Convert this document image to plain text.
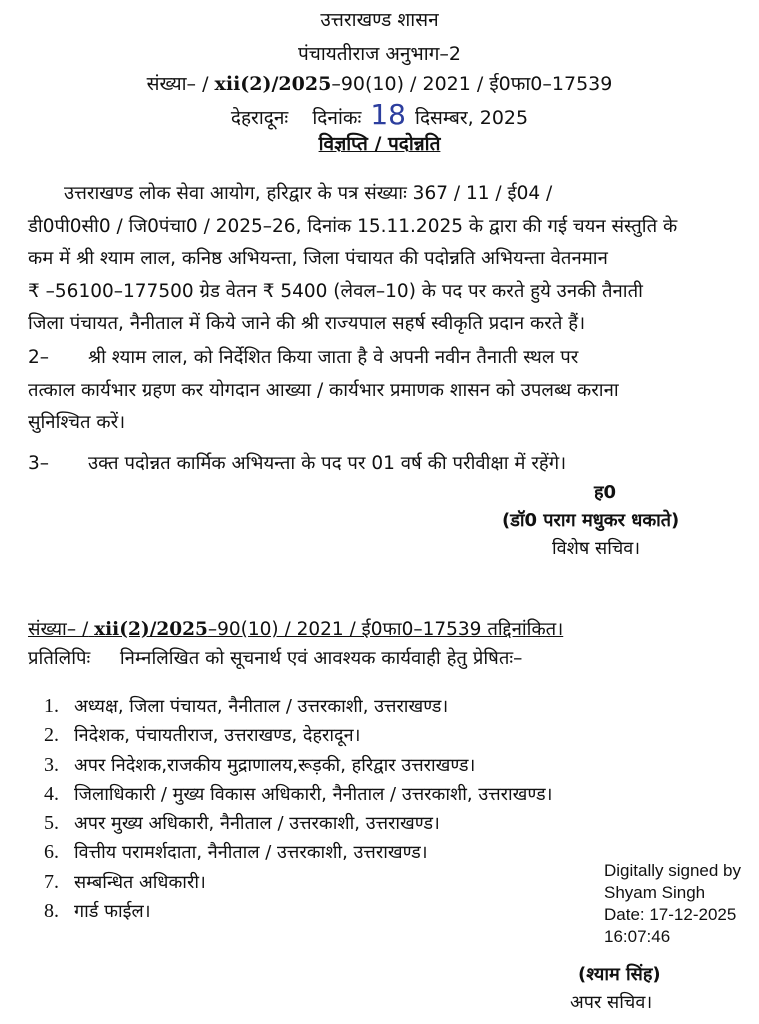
उत्तराखण्ड शासन
पंचायतीराज अनुभाग–2
संख्या– / xii(2)/2025–90(10) / 2021 / ई0फा0–17539
देहरादूनः दिनांकः 18 दिसम्बर, 2025
विज्ञप्ति / पदोन्नति
उत्तराखण्ड लोक सेवा आयोग, हरिद्वार के पत्र संख्याः 367 / 11 / ई04 /
डी0पी0सी0 / जि0पंचा0 / 2025–26, दिनांक 15.11.2025 के द्वारा की गई चयन संस्तुति के
कम में श्री श्याम लाल, कनिष्ठ अभियन्ता, जिला पंचायत की पदोन्नति अभियन्ता वेतनमान
₹ –56100–177500 ग्रेड वेतन ₹ 5400 (लेवल–10) के पद पर करते हुये उनकी तैनाती
जिला पंचायत, नैनीताल में किये जाने की श्री राज्यपाल सहर्ष स्वीकृति प्रदान करते हैं।
2– श्री श्याम लाल, को निर्देशित किया जाता है वे अपनी नवीन तैनाती स्थल पर
तत्काल कार्यभार ग्रहण कर योगदान आख्या / कार्यभार प्रमाणक शासन को उपलब्ध कराना
सुनिश्चित करें।
3– उक्त पदोन्नत कार्मिक अभियन्ता के पद पर 01 वर्ष की परीवीक्षा में रहेंगे।
ह0
(डॉ0 पराग मधुकर धकाते)
विशेष सचिव।
संख्या– / xii(2)/2025–90(10) / 2021 / ई0फा0–17539 तद्दिनांकित।
प्रतिलिपिः निम्नलिखित को सूचनार्थ एवं आवश्यक कार्यवाही हेतु प्रेषितः–
1. अध्यक्ष, जिला पंचायत, नैनीताल / उत्तरकाशी, उत्तराखण्ड।
2. निदेशक, पंचायतीराज, उत्तराखण्ड, देहरादून।
3. अपर निदेशक,राजकीय मुद्राणालय,रूड़की, हरिद्वार उत्तराखण्ड।
4. जिलाधिकारी / मुख्य विकास अधिकारी, नैनीताल / उत्तरकाशी, उत्तराखण्ड।
5. अपर मुख्य अधिकारी, नैनीताल / उत्तरकाशी, उत्तराखण्ड।
6. वित्तीय परामर्शदाता, नैनीताल / उत्तरकाशी, उत्तराखण्ड।
7. सम्बन्धित अधिकारी।
8. गार्ड फाईल।
Digitally signed by
Shyam Singh
Date: 17-12-2025
16:07:46
(श्याम सिंह)
अपर सचिव।
